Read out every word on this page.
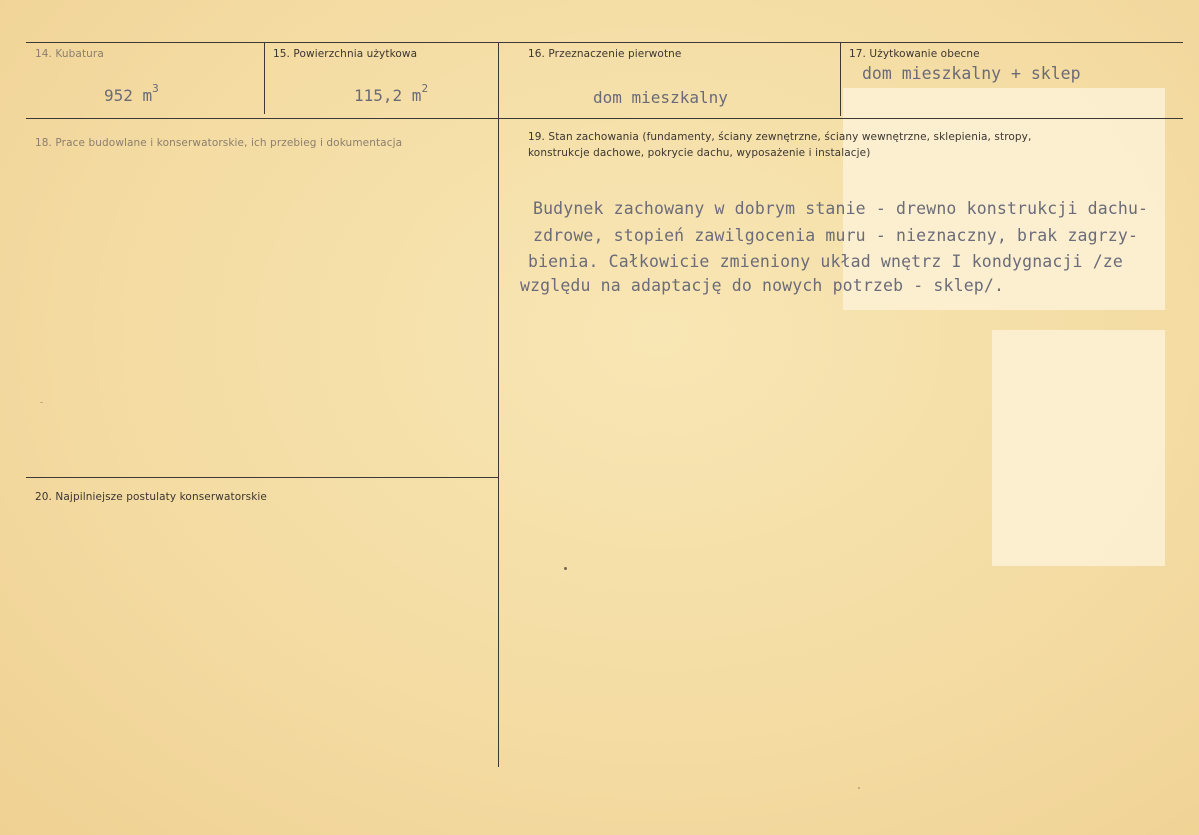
14. Kubatura
952 $m^3$
15. Powierzchnia użytkowa
115,2 $m^2$
16. Przeznaczenie pierwotne
dom mieszkalny
17. Użytkowanie obecne
dom mieszkalny + sklep
18. Prace budowlane i konserwatorskie, ich przebieg i dokumentacja	19. Stan zachowania (fundamenty, ściany zewnętrzne, ściany wewnętrzne, sklepienia, stropy,
konstrukcje dachowe, pokrycie dachu, wyposażenie i instalacje)
Budynek zachowany w dobrym stanie - drewno konstrukcji dachu-
zdrowe, stopień zawilgocenia muru - nieznaczny, brak zagrzy-
bienia. Całkowicie zmieniony układ wnętrz I kondygnacji /ze
względu na adaptację do nowych potrzeb - sklep/.
20. Najpilniejsze postulaty konserwatorskie
